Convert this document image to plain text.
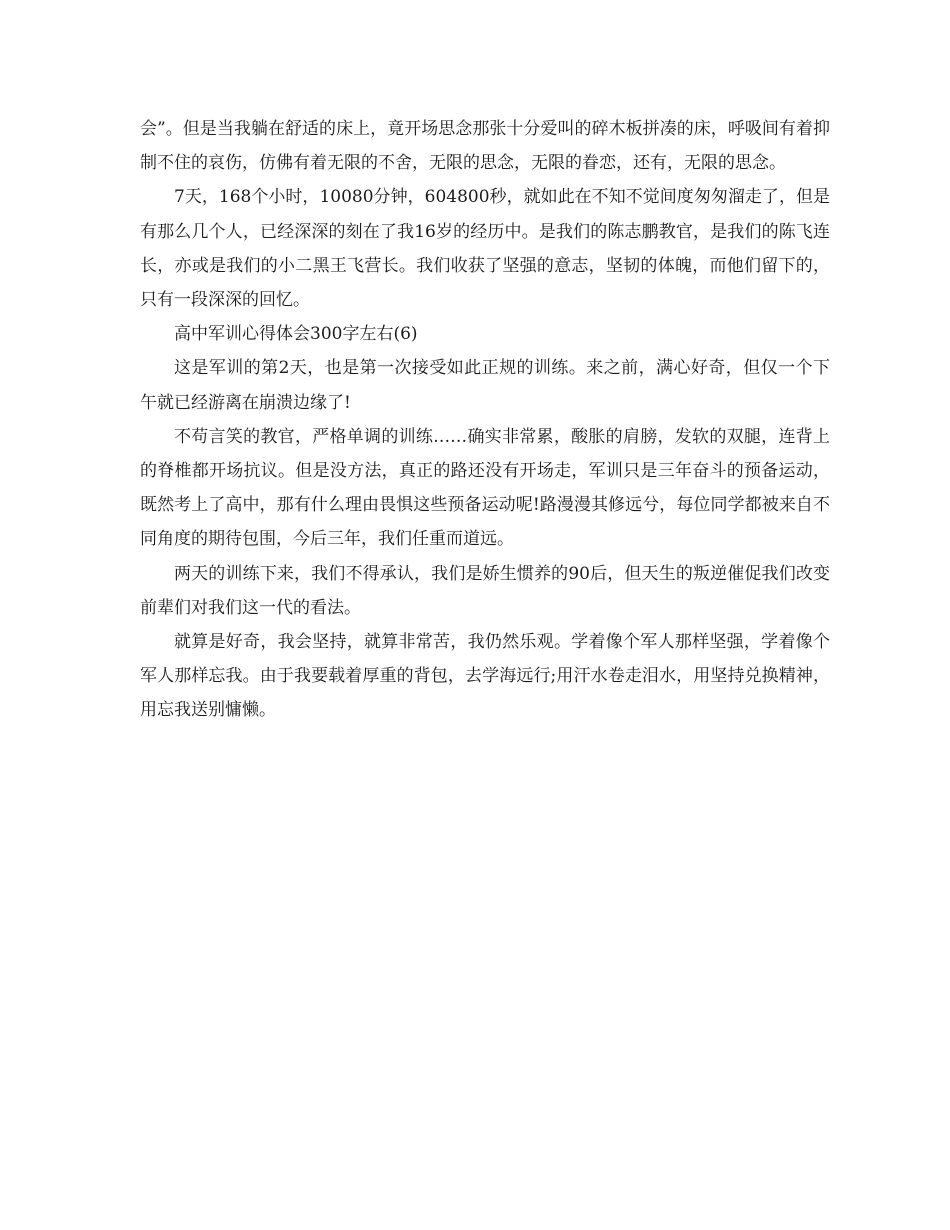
会”。但是当我躺在舒适的床上，竟开场思念那张十分爱叫的碎木板拼凑的床，呼吸间有着抑制不住的哀伤，仿佛有着无限的不舍，无限的思念，无限的眷恋，还有，无限的思念。

7天，168个小时，10080分钟，604800秒，就如此在不知不觉间度匆匆溜走了，但是有那么几个人，已经深深的刻在了我16岁的经历中。是我们的陈志鹏教官，是我们的陈飞连长，亦或是我们的小二黑王飞营长。我们收获了坚强的意志，坚韧的体魄，而他们留下的，只有一段深深的回忆。

高中军训心得体会300字左右(6)

这是军训的第2天，也是第一次接受如此正规的训练。来之前，满心好奇，但仅一个下午就已经游离在崩溃边缘了!

不苟言笑的教官，严格单调的训练……确实非常累，酸胀的肩膀，发软的双腿，连背上的脊椎都开场抗议。但是没方法，真正的路还没有开场走，军训只是三年奋斗的预备运动，既然考上了高中，那有什么理由畏惧这些预备运动呢!路漫漫其修远兮，每位同学都被来自不同角度的期待包围，今后三年，我们任重而道远。

两天的训练下来，我们不得承认，我们是娇生惯养的90后，但天生的叛逆催促我们改变前辈们对我们这一代的看法。

就算是好奇，我会坚持，就算非常苦，我仍然乐观。学着像个军人那样坚强，学着像个军人那样忘我。由于我要载着厚重的背包，去学海远行;用汗水卷走泪水，用坚持兑换精神，用忘我送别慵懒。
